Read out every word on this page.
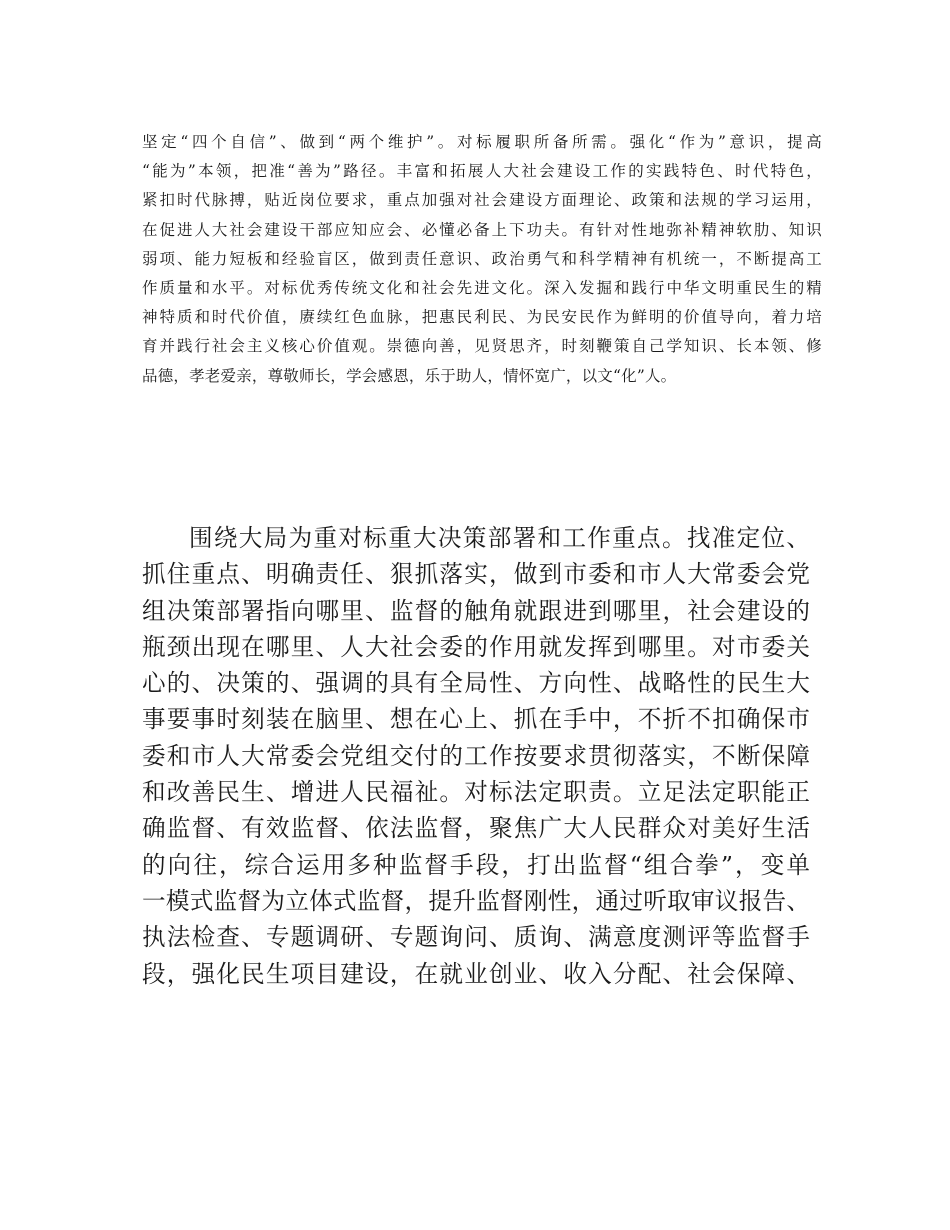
坚定“四个自信”、做到“两个维护”。对标履职所备所需。强化“作为”意识，提高
“能为”本领，把准“善为”路径。丰富和拓展人大社会建设工作的实践特色、时代特色，
紧扣时代脉搏，贴近岗位要求，重点加强对社会建设方面理论、政策和法规的学习运用，
在促进人大社会建设干部应知应会、必懂必备上下功夫。有针对性地弥补精神软肋、知识
弱项、能力短板和经验盲区，做到责任意识、政治勇气和科学精神有机统一，不断提高工
作质量和水平。对标优秀传统文化和社会先进文化。深入发掘和践行中华文明重民生的精
神特质和时代价值，赓续红色血脉，把惠民利民、为民安民作为鲜明的价值导向，着力培
育并践行社会主义核心价值观。崇德向善，见贤思齐，时刻鞭策自己学知识、长本领、修
品德，孝老爱亲，尊敬师长，学会感恩，乐于助人，情怀宽广，以文“化”人。
围绕大局为重对标重大决策部署和工作重点。找准定位、
抓住重点、明确责任、狠抓落实，做到市委和市人大常委会党
组决策部署指向哪里、监督的触角就跟进到哪里，社会建设的
瓶颈出现在哪里、人大社会委的作用就发挥到哪里。对市委关
心的、决策的、强调的具有全局性、方向性、战略性的民生大
事要事时刻装在脑里、想在心上、抓在手中，不折不扣确保市
委和市人大常委会党组交付的工作按要求贯彻落实，不断保障
和改善民生、增进人民福祉。对标法定职责。立足法定职能正
确监督、有效监督、依法监督，聚焦广大人民群众对美好生活
的向往，综合运用多种监督手段，打出监督“组合拳”，变单
一模式监督为立体式监督，提升监督刚性，通过听取审议报告、
执法检查、专题调研、专题询问、质询、满意度测评等监督手
段，强化民生项目建设，在就业创业、收入分配、社会保障、
